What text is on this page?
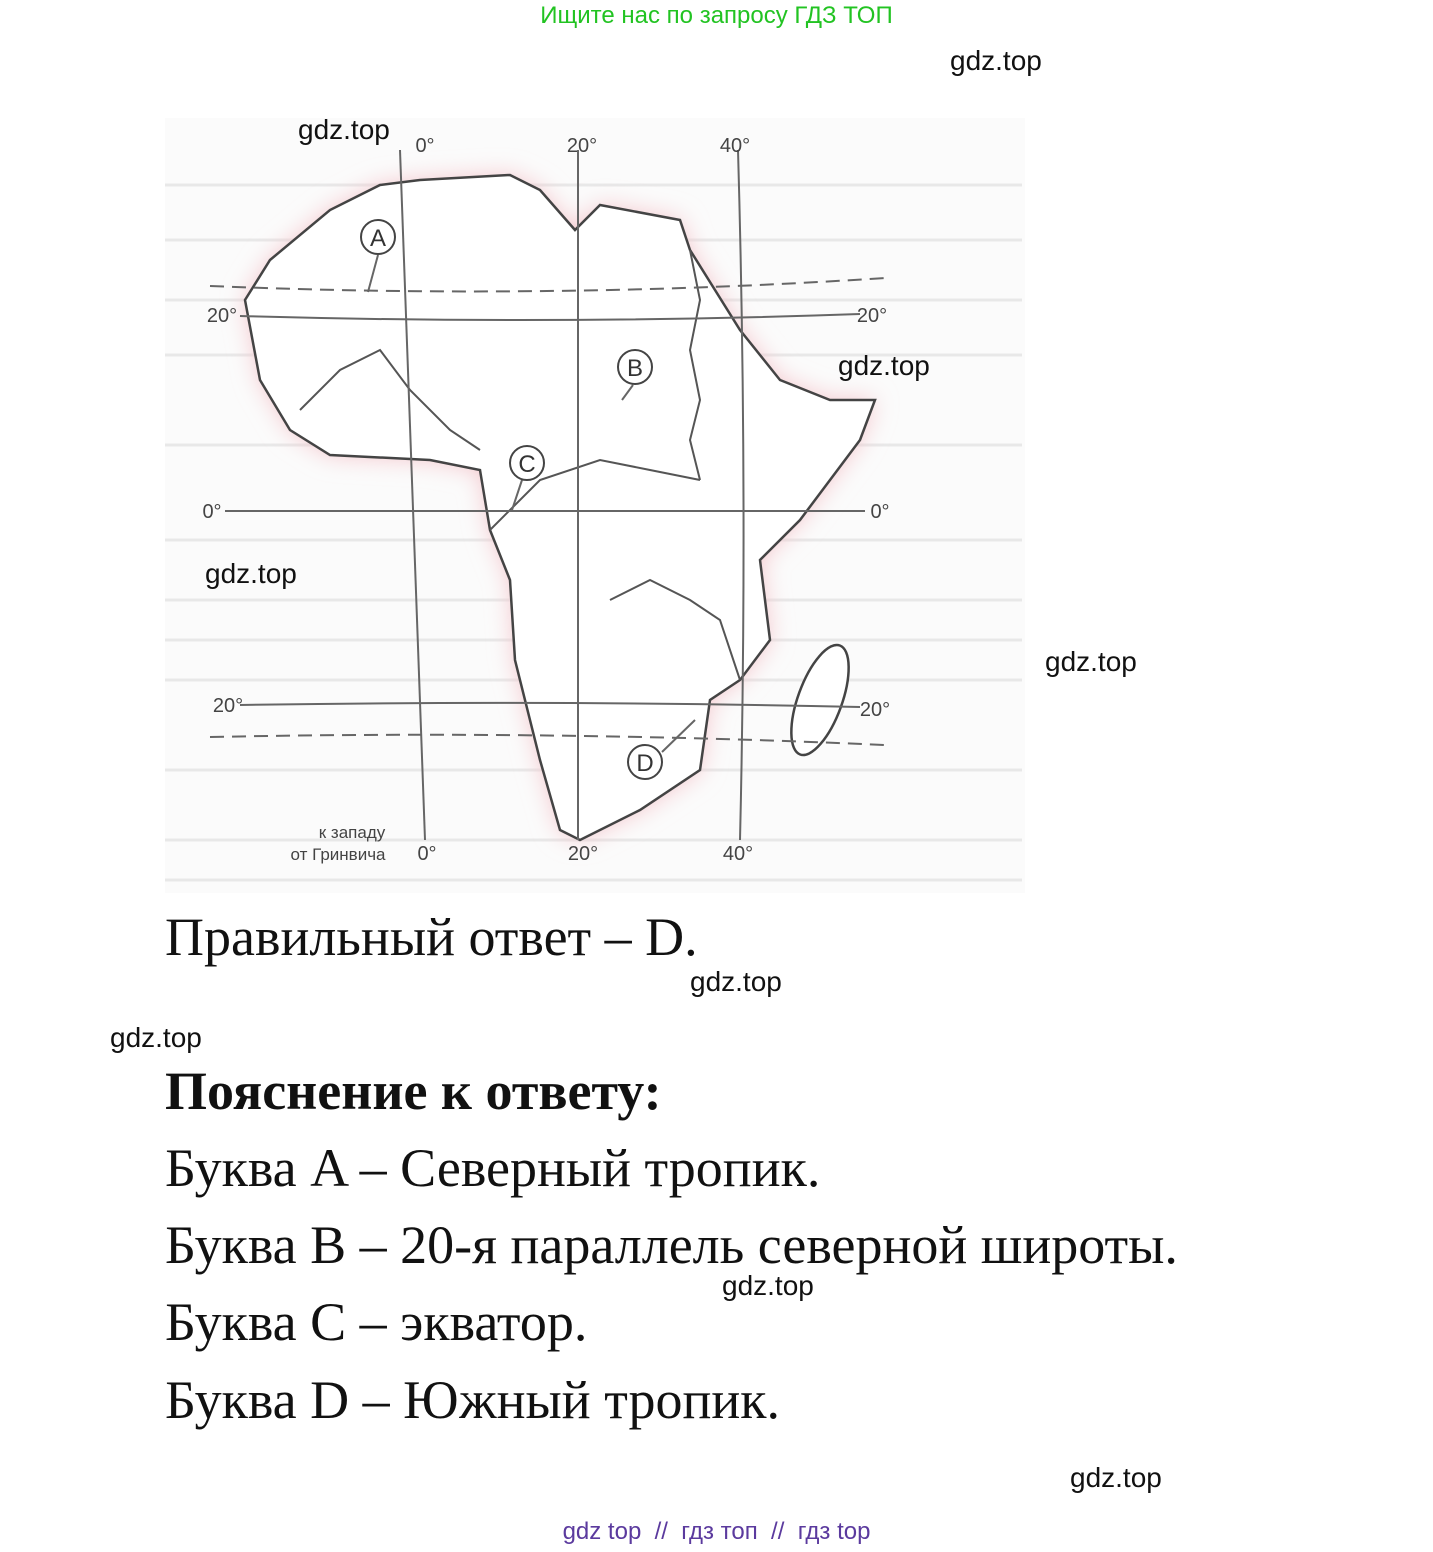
Ищите нас по запросу ГДЗ ТОП
A
B
C
D
0°	20°	40°
0°	20°	40°
20°
0°
20°
20°
0°
20°
к западу
от Гринвича
gdz.top
gdz.top
gdz.top
gdz.top
gdz.top
Правильный ответ – D.
gdz.top
gdz.top
Пояснение к ответу:
Буква A – Северный тропик.
Буква B – 20-я параллель северной широты.
gdz.top
Буква C – экватор.
Буква D – Южный тропик.
gdz.top
gdz top  //  гдз топ  //  гдз top
